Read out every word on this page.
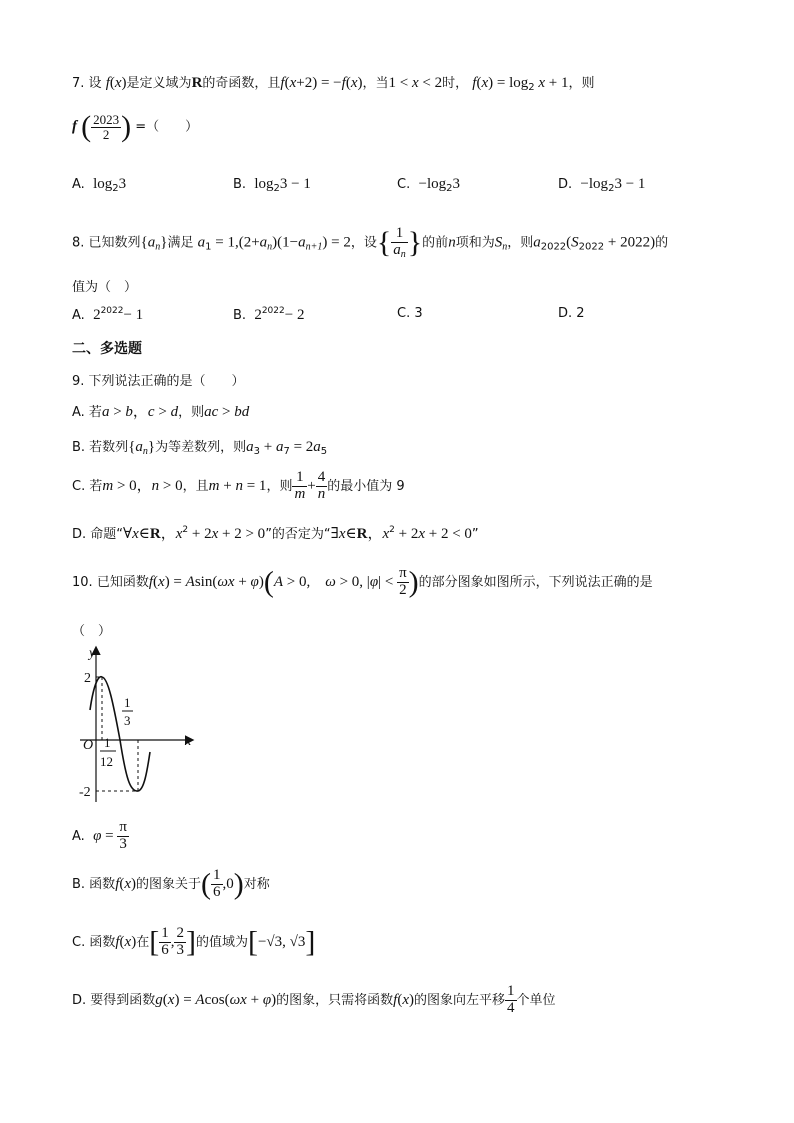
7. 设 f(x)是定义域为R的奇函数，且f(x+2) = −f(x)，当1 < x < 2时， $f(x) = \log_2 x + 1$，则
f ( $\frac{2023}{2}$ ) =（　　）
A. $\log_23$	B. $\log_23 - 1$	C. $-\log_23$	D. $-\log_23 - 1$
8. 已知数列$\{a_n\}$满足 $a_1 = 1,(2+a_n)(1-a_{n+1}) = 2$，设{ $\frac{1}{a_n}$ }的前n项和为$S_n$，则$a_{2022}(S_{2022} + 2022)$的
值为（　）
A. $2^{2022}- 1$	B. $2^{2022}- 2$	C. 3	D. 2
二、多选题
9. 下列说法正确的是（　　）
A. 若a > b，c > d，则ac > bd
B. 若数列$\{a_n\}$为等差数列，则$a_3 + a_7 = 2a_5$
C. 若m > 0，n > 0，且m + n = 1，则 $\frac{1}{m} + \frac{4}{n}$ 的最小值为 9
D. 命题“∀x∈R，$x^2 + 2x + 2 > 0$”的否定为“∃x∈R，$x^2 + 2x + 2 < 0$”
10. 已知函数f(x) = Asin(ωx + φ)(A > 0,　ω > 0, $|\varphi| < \frac{\pi}{2}$ )的部分图象如图所示，下列说法正确的是
（　）
y
x
O
2
-2
1
3
1
12
A. $\varphi = \frac{\pi}{3}$
B. 函数f(x)的图象关于( $\frac{1}{6} ,0$)对称
C. 函数f(x)在[ $\frac{1}{6}$ , $\frac{2}{3}$ ]的值域为[−√3, √3]
D. 要得到函数g(x) = Acos(ωx + φ)的图象，只需将函数f(x)的图象向左平移 $\frac{1}{4}$ 个单位
